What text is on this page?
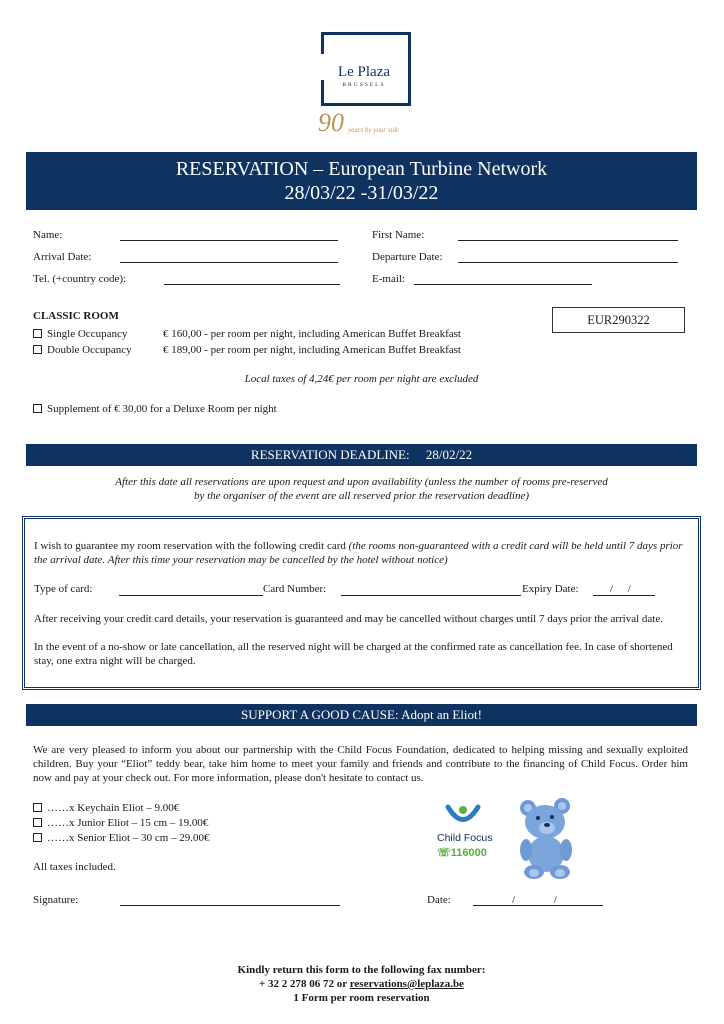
Le Plaza
BRUSSELS
90 years by your side
RESERVATION – European Turbine Network
28/03/22 -31/03/22
Name:	First Name:
Arrival Date:	Departure Date:
Tel. (+country code):	E-mail:
CLASSIC ROOM	EUR290322
Single Occupancy	€ 160,00 - per room per night, including American Buffet Breakfast
Double Occupancy	€ 189,00 - per room per night, including American Buffet Breakfast
Local taxes of 4,24€ per room per night are excluded
Supplement of € 30,00 for a Deluxe Room per night
RESERVATION DEADLINE: 28/02/22
After this date all reservations are upon request and upon availability (unless the number of rooms pre-reserved
by the organiser of the event are all reserved prior the reservation deadline)
I wish to guarantee my room reservation with the following credit card (the rooms non-guaranteed with a credit card will be held until 7 days prior the arrival date. After this time your reservation may be cancelled by the hotel without notice)
Type of card:	Card Number:	Expiry Date:	/ /
After receiving your credit card details, your reservation is guaranteed and may be cancelled without charges until 7 days prior the arrival date.
In the event of a no-show or late cancellation, all the reserved night will be charged at the confirmed rate as cancellation fee. In case of shortened stay, one extra night will be charged.
SUPPORT A GOOD CAUSE: Adopt an Eliot!
We are very pleased to inform you about our partnership with the Child Focus Foundation, dedicated to helping missing and sexually exploited children. Buy your “Eliot” teddy bear, take him home to meet your family and friends and contribute to the financing of Child Focus. Order him now and pay at your check out. For more information, please don't hesitate to contact us.
……x Keychain Eliot – 9.00€
……x Junior Eliot – 15 cm – 19.00€
……x Senior Eliot – 30 cm – 29.00€
All taxes included.
Child Focus
☏116000
Signature:	Date:	/ /
Kindly return this form to the following fax number:
+ 32 2 278 06 72 or reservations@leplaza.be
1 Form per room reservation
